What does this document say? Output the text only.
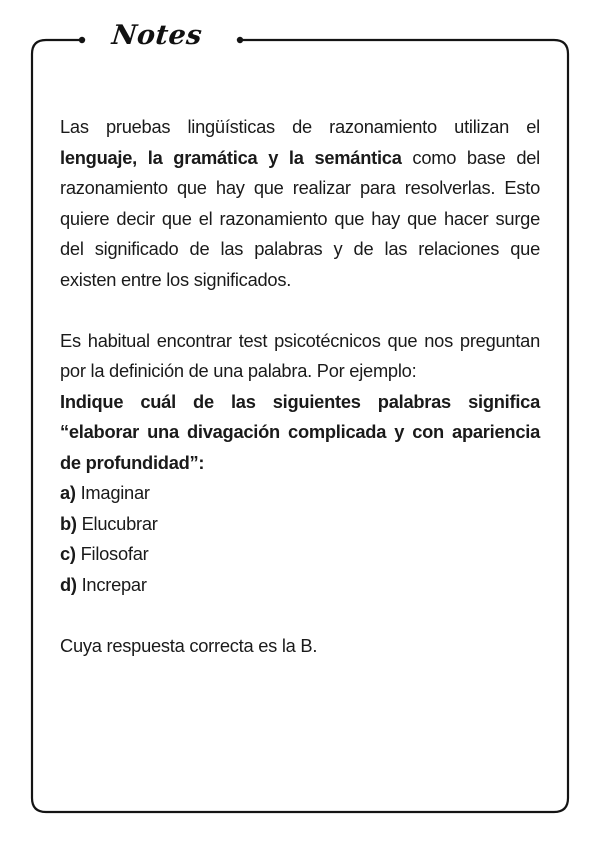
Notes

Las pruebas lingüísticas de razonamiento utilizan el lenguaje, la gramática y la semántica como base del razonamiento que hay que realizar para resolverlas. Esto quiere decir que el razonamiento que hay que hacer surge del significado de las palabras y de las relaciones que existen entre los significados.

Es habitual encontrar test psicotécnicos que nos preguntan por la definición de una palabra. Por ejemplo:

Indique cuál de las siguientes palabras significa “elaborar una divagación complicada y con apariencia de profundidad”:

a) Imaginar

b) Elucubrar

c) Filosofar

d) Increpar

Cuya respuesta correcta es la B.
